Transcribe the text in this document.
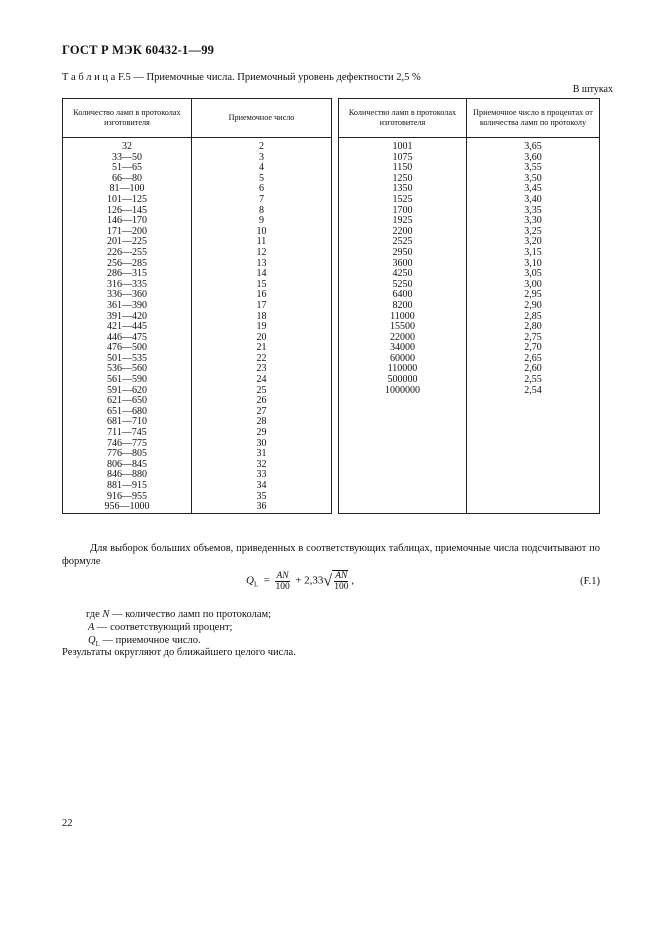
ГОСТ Р МЭК 60432-1—99
Т а б л и ц а F.5 — Приемочные числа. Приемочный уровень дефектности 2,5 %
В штуках
Количество ламп в протоколах изготовителя	Приемочное число
32	2
33—50	3
51—65	4
66—80	5
81—100	6
101—125	7
126—145	8
146—170	9
171—200	10
201—225	11
226—255	12
256—285	13
286—315	14
316—335	15
336—360	16
361—390	17
391—420	18
421—445	19
446—475	20
476—500	21
501—535	22
536—560	23
561—590	24
591—620	25
621—650	26
651—680	27
681—710	28
711—745	29
746—775	30
776—805	31
806—845	32
846—880	33
881—915	34
916—955	35
956—1000	36
Количество ламп в протоколах изготовителя	Приемочное число в процентах от количества ламп по протоколу
1001	3,65
1075	3,60
1150	3,55
1250	3,50
1350	3,45
1525	3,40
1700	3,35
1925	3,30
2200	3,25
2525	3,20
2950	3,15
3600	3,10
4250	3,05
5250	3,00
6400	2,95
8200	2,90
11000	2,85
15500	2,80
22000	2,75
34000	2,70
60000	2,65
110000	2,60
500000	2,55
1000000	2,54

Для выборок больших объемов, приведенных в соответствующих таблицах, приемочные числа подсчитывают по формуле
$Q_L = \frac{AN}{100} + 2,33√ \frac{AN}{100}$ ,	(F.1)
где N — количество ламп по протоколам;
A — соответствующий процент;
$Q_L$ — приемочное число.
Результаты округляют до ближайшего целого числа.
22
